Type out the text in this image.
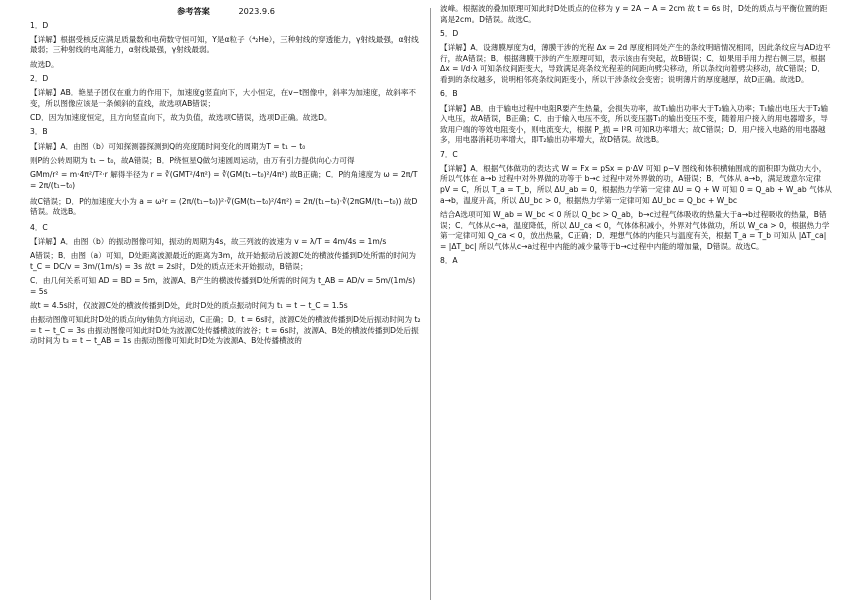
参考答案	2023.9.6
1．D
【详解】根据受核反应满足质量数和电荷数守恒可知，Y是α粒子（⁴₂He），三种射线的穿透能力，γ射线最强，α射线最弱；三种射线的电离能力，α射线最强，γ射线最弱。
故选D。
2．D
【详解】AB．艳星子团仅在重力的作用下，加速度g竖直向下，大小恒定，在v−t图像中，斜率为加速度，故斜率不变，所以图像应该是一条倾斜的直线，故选项AB错误；
CD．因为加速度恒定，且方向竖直向下，故为负值，故选项C错误，选项D正确。故选D。
3．B
【详解】A．由图（b）可知探测器探测到Q的亮度随时间变化的周期为T = t₁ − t₀
则P的公转周期为 t₁ − t₀，故A错误；B．P绕恒星Q做匀速圆周运动，由万有引力提供向心力可得
GMm/r² = m·4π²/T²·r 解得半径为 r = ∛(GMT²/4π²) = ∛(GM(t₁−t₀)²/4π²) 故B正确；C．P的角速度为 ω = 2π/T = 2π/(t₁−t₀)
故C错误；D．P的加速度大小为 a = ω²r = (2π/(t₁−t₀))²·∛(GM(t₁−t₀)²/4π²) = 2π/(t₁−t₀)·∛(2πGM/(t₁−t₀)) 故D错误。故选B。
4．C
【详解】A．由图（b）的振动图像可知，振动的周期为4s，故三列波的波速为 v = λ/T = 4m/4s = 1m/s
A错误；B．由图（a）可知，D处距离波源最近的距离为3m，故开始振动后波源C处的横波传播到D处所需的时间为 t_C = DC/v = 3m/(1m/s) = 3s 故t = 2s时，D处的质点还未开始振动，B错误；
C．由几何关系可知 AD = BD = 5m，波源A、B产生的横波传播到D处所需的时间为 t_AB = AD/v = 5m/(1m/s) = 5s
故t = 4.5s时，仅波源C处的横波传播到D处，此时D处的质点振动时间为 t₁ = t − t_C = 1.5s
由振动图像可知此时D处的质点向y轴负方向运动，C正确；D．t = 6s时，波源C处的横波传播到D处后振动时间为 t₂ = t − t_C = 3s 由振动图像可知此时D处为波源C处传播横波的波谷；t = 6s时，波源A、B处的横波传播到D处后振动时间为 t₃ = t − t_AB = 1s 由振动图像可知此时D处为波源A、B处传播横波的
波峰。根据波的叠加原理可知此时D处质点的位移为 y = 2A − A = 2cm 故 t = 6s 时，D处的质点与平衡位置的距离是2cm。D错误。故选C。
5．D
【详解】A．设薄膜厚度为d，薄膜干涉的光程 Δx = 2d 厚度相同处产生的条纹明暗情况相同，因此条纹应与AD边平行，故A错误；B．根据薄膜干涉的产生原理可知，表示该由有突起，故B错误；C．如果用手用力捏右侧三层，根据 Δx = l/d·λ 可知条纹间距变大，导致满足亮条纹光程差的间距向劈尖移动，所以条纹向着劈尖移动，故C错误；D．看到的条纹越多，说明相邻亮条纹间距变小，所以干涉条纹会变密；说明薄片的厚度越厚，故D正确。故选D。
6．B
【详解】AB．由于输电过程中电阻R要产生热量，会损失功率，故T₁输出功率大于T₂输入功率；T₁输出电压大于T₂输入电压，故A错误，B正确；C．由于输入电压不变，所以变压器T₁的输出变压不变，随着用户接入的用电器增多，导致用户端的等效电阻变小，则电流变大，根据 P_损 = I²R 可知R功率增大；故C错误；D．用户接入电路的用电器越多，用电器消耗功率增大，即T₂输出功率增大，故D错误。故选B。
7．C
【详解】A．根据气体做功的表达式 W = Fx = pSx = p·ΔV 可知 p−V 图线和体积横轴围成的面积即为做功大小，所以气体在 a→b 过程中对外界做的功等于 b→c 过程中对外界做的功，A错误；B．气体从 a→b，满足玻意尔定律 pV = C，所以 T_a = T_b，所以 ΔU_ab = 0，根据热力学第一定律 ΔU = Q + W 可知 0 = Q_ab + W_ab 气体从 a→b，温度升高，所以 ΔU_bc > 0，根据热力学第一定律可知 ΔU_bc = Q_bc + W_bc
结合A选项可知 W_ab = W_bc < 0 所以 Q_bc > Q_ab，b→c过程气体吸收的热量大于a→b过程吸收的热量，B错误；C．气体从c→a，温度降低，所以 ΔU_ca < 0，气体体积减小，外界对气体做功，所以 W_ca > 0，根据热力学第一定律可知 Q_ca < 0，放出热量，C正确；D．理想气体的内能只与温度有关，根据 T_a = T_b 可知从 |ΔT_ca| = |ΔT_bc| 所以气体从c→a过程中内能的减少量等于b→c过程中内能的增加量，D错误。故选C。
8．A
